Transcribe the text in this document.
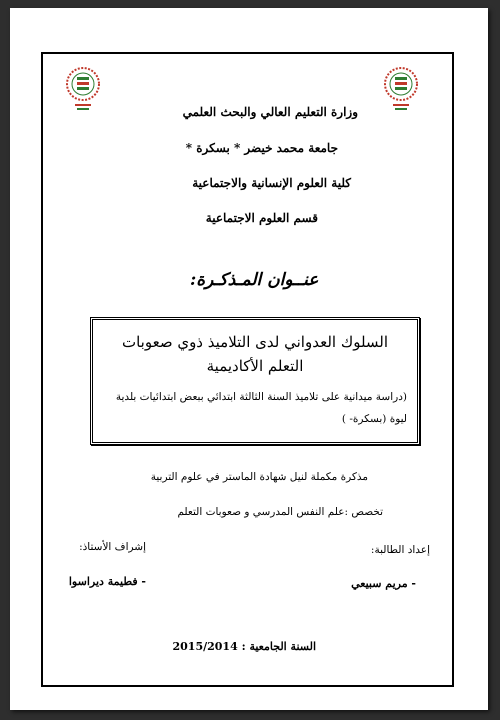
وزارة التعليم العالي والبحث العلمي
جامعة محمد خيضر * بسكرة *
كلية العلوم الإنسانية والاجتماعية
قسم العلوم الاجتماعية
عنــوان المـذكـرة:
السلوك العدواني لدى التلاميذ ذوي صعوبات التعلم الأكاديمية
(دراسة ميدانية على تلاميذ السنة الثالثة ابتدائي ببعض ابتدائيات بلدية ليوة (بسكرة- )
مذكرة مكملة لنيل شهادة الماستر في علوم التربية
تخصص :علم النفس المدرسي و صعوبات التعلم
إعداد الطالبة:
إشراف الأستاذ:
- مريم سبيعي
- فطيمة ديراسوا
السنة الجامعية : 2015/2014
